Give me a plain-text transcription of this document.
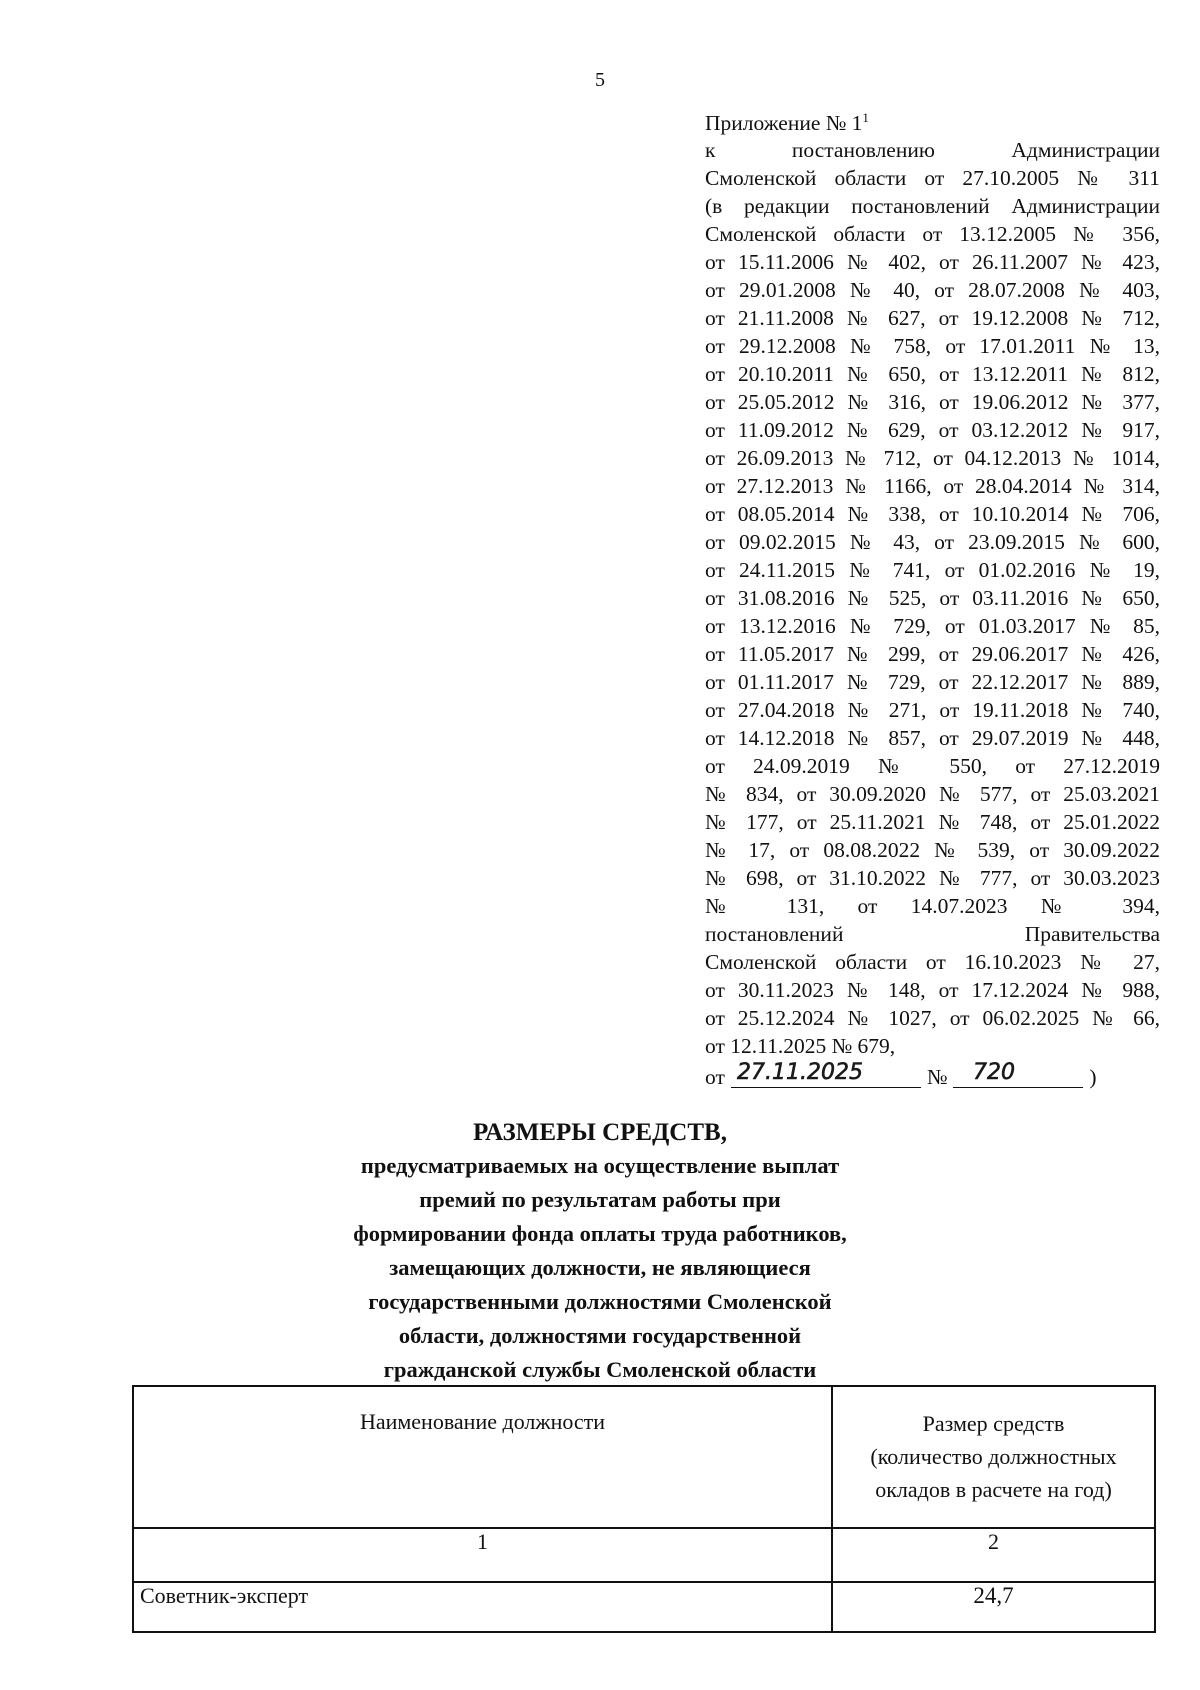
5
Приложение № $1^1$
к постановлению Администрации
Смоленской области от 27.10.2005 № 311
(в редакции постановлений Администрации
Смоленской области от 13.12.2005 № 356,
от 15.11.2006 № 402, от 26.11.2007 № 423,
от 29.01.2008 № 40, от 28.07.2008 № 403,
от 21.11.2008 № 627, от 19.12.2008 № 712,
от 29.12.2008 № 758, от 17.01.2011 № 13,
от 20.10.2011 № 650, от 13.12.2011 № 812,
от 25.05.2012 № 316, от 19.06.2012 № 377,
от 11.09.2012 № 629, от 03.12.2012 № 917,
от 26.09.2013 № 712, от 04.12.2013 № 1014,
от 27.12.2013 № 1166, от 28.04.2014 № 314,
от 08.05.2014 № 338, от 10.10.2014 № 706,
от 09.02.2015 № 43, от 23.09.2015 № 600,
от 24.11.2015 № 741, от 01.02.2016 № 19,
от 31.08.2016 № 525, от 03.11.2016 № 650,
от 13.12.2016 № 729, от 01.03.2017 № 85,
от 11.05.2017 № 299, от 29.06.2017 № 426,
от 01.11.2017 № 729, от 22.12.2017 № 889,
от 27.04.2018 № 271, от 19.11.2018 № 740,
от 14.12.2018 № 857, от 29.07.2019 № 448,
от 24.09.2019 № 550, от 27.12.2019
№ 834, от 30.09.2020 № 577, от 25.03.2021
№ 177, от 25.11.2021 № 748, от 25.01.2022
№ 17, от 08.08.2022 № 539, от 30.09.2022
№ 698, от 31.10.2022 № 777, от 30.03.2023
№ 131, от 14.07.2023 № 394,
постановлений Правительства
Смоленской области от 16.10.2023 № 27,
от 30.11.2023 № 148, от 17.12.2024 № 988,
от 25.12.2024 № 1027, от 06.02.2025 № 66,
от 12.11.2025 № 679,
от 27.11.2025	№ 720	)
РАЗМЕРЫ СРЕДСТВ,
предусматриваемых на осуществление выплат
премий по результатам работы при
формировании фонда оплаты труда работников,
замещающих должности, не являющиеся
государственными должностями Смоленской
области, должностями государственной
гражданской службы Смоленской области
Наименование должности	Размер средств
(количество должностных
окладов в расчете на год)

1	2
Советник-эксперт	24,7
